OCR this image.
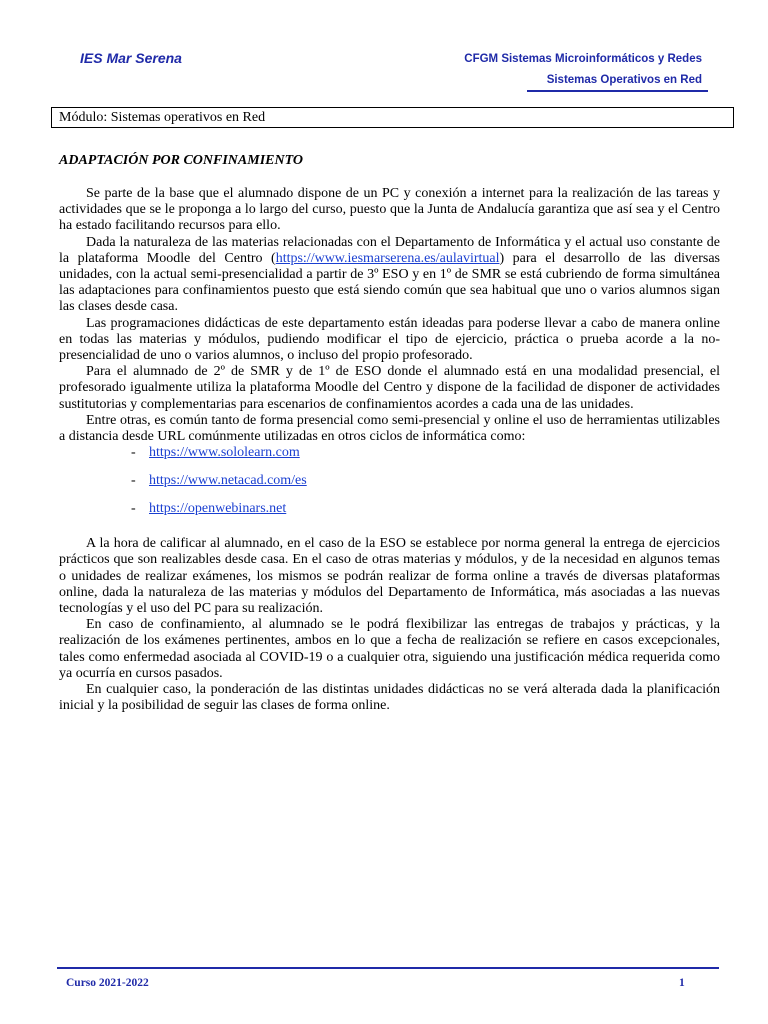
IES Mar Serena	CFGM Sistemas Microinformáticos y Redes
Sistemas Operativos en Red
Módulo: Sistemas operativos en Red
ADAPTACIÓN POR CONFINAMIENTO

Se parte de la base que el alumnado dispone de un PC y conexión a internet para la realización de las tareas y actividades que se le proponga a lo largo del curso, puesto que la Junta de Andalucía garantiza que así sea y el Centro ha estado facilitando recursos para ello.

Dada la naturaleza de las materias relacionadas con el Departamento de Informática y el actual uso constante de la plataforma Moodle del Centro (https://www.iesmarserena.es/aulavirtual) para el desarrollo de las diversas unidades, con la actual semi-presencialidad a partir de 3º ESO y en 1º de SMR se está cubriendo de forma simultánea las adaptaciones para confinamientos puesto que está siendo común que sea habitual que uno o varios alumnos sigan las clases desde casa.

Las programaciones didácticas de este departamento están ideadas para poderse llevar a cabo de manera online en todas las materias y módulos, pudiendo modificar el tipo de ejercicio, práctica o prueba acorde a la no-presencialidad de uno o varios alumnos, o incluso del propio profesorado.

Para el alumnado de 2º de SMR y de 1º de ESO donde el alumnado está en una modalidad presencial, el profesorado igualmente utiliza la plataforma Moodle del Centro y dispone de la facilidad de disponer de actividades sustitutorias y complementarias para escenarios de confinamientos acordes a cada una de las unidades.

Entre otras, es común tanto de forma presencial como semi-presencial y online el uso de herramientas utilizables a distancia desde URL comúnmente utilizadas en otros ciclos de informática como:

- https://www.sololearn.com
- https://www.netacad.com/es
- https://openwebinars.net

A la hora de calificar al alumnado, en el caso de la ESO se establece por norma general la entrega de ejercicios prácticos que son realizables desde casa. En el caso de otras materias y módulos, y de la necesidad en algunos temas o unidades de realizar exámenes, los mismos se podrán realizar de forma online a través de diversas plataformas online, dada la naturaleza de las materias y módulos del Departamento de Informática, más asociadas a las nuevas tecnologías y el uso del PC para su realización.

En caso de confinamiento, al alumnado se le podrá flexibilizar las entregas de trabajos y prácticas, y la realización de los exámenes pertinentes, ambos en lo que a fecha de realización se refiere en casos excepcionales, tales como enfermedad asociada al COVID-19 o a cualquier otra, siguiendo una justificación médica requerida como ya ocurría en cursos pasados.

En cualquier caso, la ponderación de las distintas unidades didácticas no se verá alterada dada la planificación inicial y la posibilidad de seguir las clases de forma online.

Curso 2021-2022	1
